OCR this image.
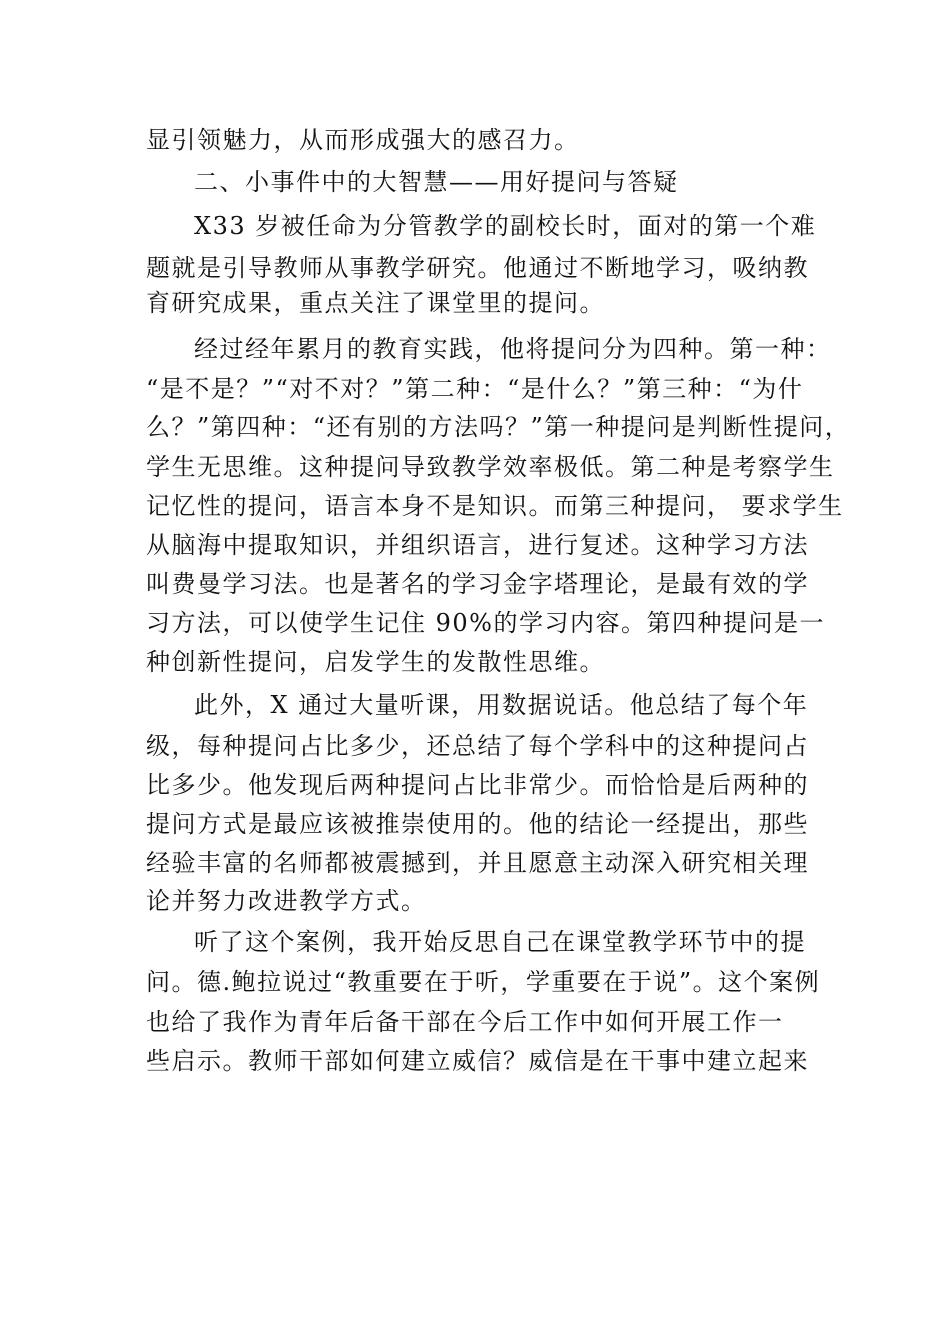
显引领魅力，从而形成强大的感召力。

二、小事件中的大智慧——用好提问与答疑

X33 岁被任命为分管教学的副校长时，面对的第一个难

题就是引导教师从事教学研究。他通过不断地学习，吸纳教

育研究成果，重点关注了课堂里的提问。

经过经年累月的教育实践，他将提问分为四种。第一种：

“是不是？”“对不对？”第二种：“是什么？”第三种：“为什

么？”第四种：“还有别的方法吗？”第一种提问是判断性提问，

学生无思维。这种提问导致教学效率极低。第二种是考察学生

记忆性的提问，语言本身不是知识。而第三种提问， 要求学生

从脑海中提取知识，并组织语言，进行复述。这种学习方法

叫费曼学习法。也是著名的学习金字塔理论，是最有效的学

习方法，可以使学生记住 90%的学习内容。第四种提问是一

种创新性提问，启发学生的发散性思维。

此外，X 通过大量听课，用数据说话。他总结了每个年

级，每种提问占比多少，还总结了每个学科中的这种提问占

比多少。他发现后两种提问占比非常少。而恰恰是后两种的

提问方式是最应该被推崇使用的。他的结论一经提出，那些

经验丰富的名师都被震撼到，并且愿意主动深入研究相关理

论并努力改进教学方式。

听了这个案例，我开始反思自己在课堂教学环节中的提

问。德.鲍拉说过“教重要在于听，学重要在于说”。这个案例

也给了我作为青年后备干部在今后工作中如何开展工作一

些启示。教师干部如何建立威信？威信是在干事中建立起来
